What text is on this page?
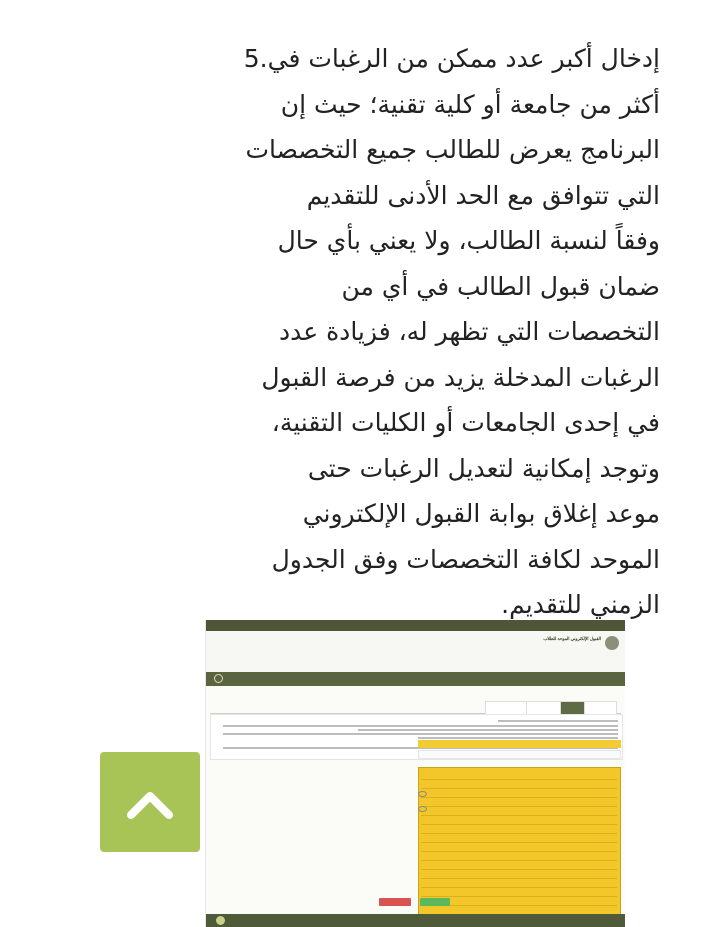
إدخال أكبر عدد ممكن من الرغبات في5.

أكثر من جامعة أو كلية تقنية؛ حيث إن

البرنامج يعرض للطالب جميع التخصصات

التي تتوافق مع الحد الأدنى للتقديم

وفقاً لنسبة الطالب، ولا يعني بأي حال

ضمان قبول الطالب في أي من

التخصصات التي تظهر له، فزيادة عدد

الرغبات المدخلة يزيد من فرصة القبول

في إحدى الجامعات أو الكليات التقنية،

وتوجد إمكانية لتعديل الرغبات حتى

موعد إغلاق بوابة القبول الإلكتروني

الموحد لكافة التخصصات وفق الجدول

الزمني للتقديم.

القبول الإلكتروني الموحد للطلاب
